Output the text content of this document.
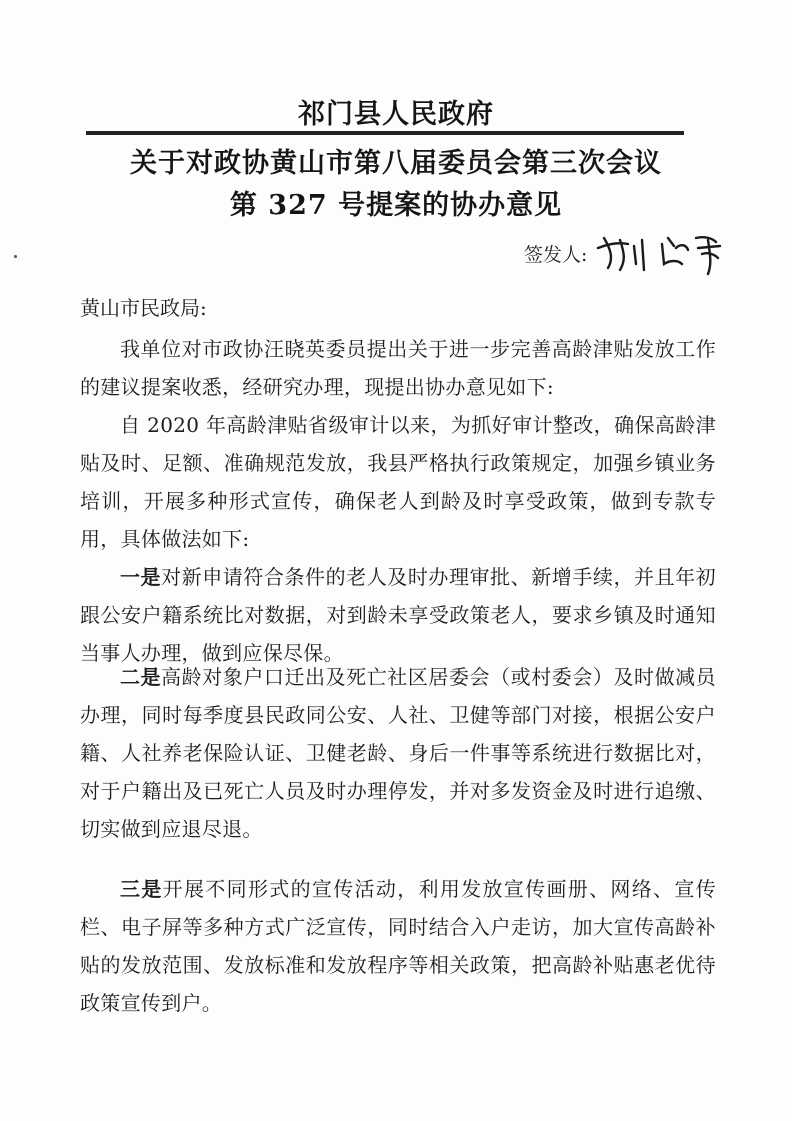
祁门县人民政府
关于对政协黄山市第八届委员会第三次会议
第 327 号提案的协办意见
签发人:
黄山市民政局:

我单位对市政协汪晓英委员提出关于进一步完善高龄津贴发放工作的建议提案收悉，经研究办理，现提出协办意见如下:

自 2020 年高龄津贴省级审计以来，为抓好审计整改，确保高龄津贴及时、足额、准确规范发放，我县严格执行政策规定，加强乡镇业务培训，开展多种形式宣传，确保老人到龄及时享受政策，做到专款专用，具体做法如下:

一是对新申请符合条件的老人及时办理审批、新增手续，并且年初跟公安户籍系统比对数据，对到龄未享受政策老人，要求乡镇及时通知当事人办理，做到应保尽保。

二是高龄对象户口迁出及死亡社区居委会（或村委会）及时做减员办理，同时每季度县民政同公安、人社、卫健等部门对接，根据公安户籍、人社养老保险认证、卫健老龄、身后一件事等系统进行数据比对，对于户籍出及已死亡人员及时办理停发，并对多发资金及时进行追缴、切实做到应退尽退。

三是开展不同形式的宣传活动，利用发放宣传画册、网络、宣传栏、电子屏等多种方式广泛宣传，同时结合入户走访，加大宣传高龄补贴的发放范围、发放标准和发放程序等相关政策，把高龄补贴惠老优待政策宣传到户。
